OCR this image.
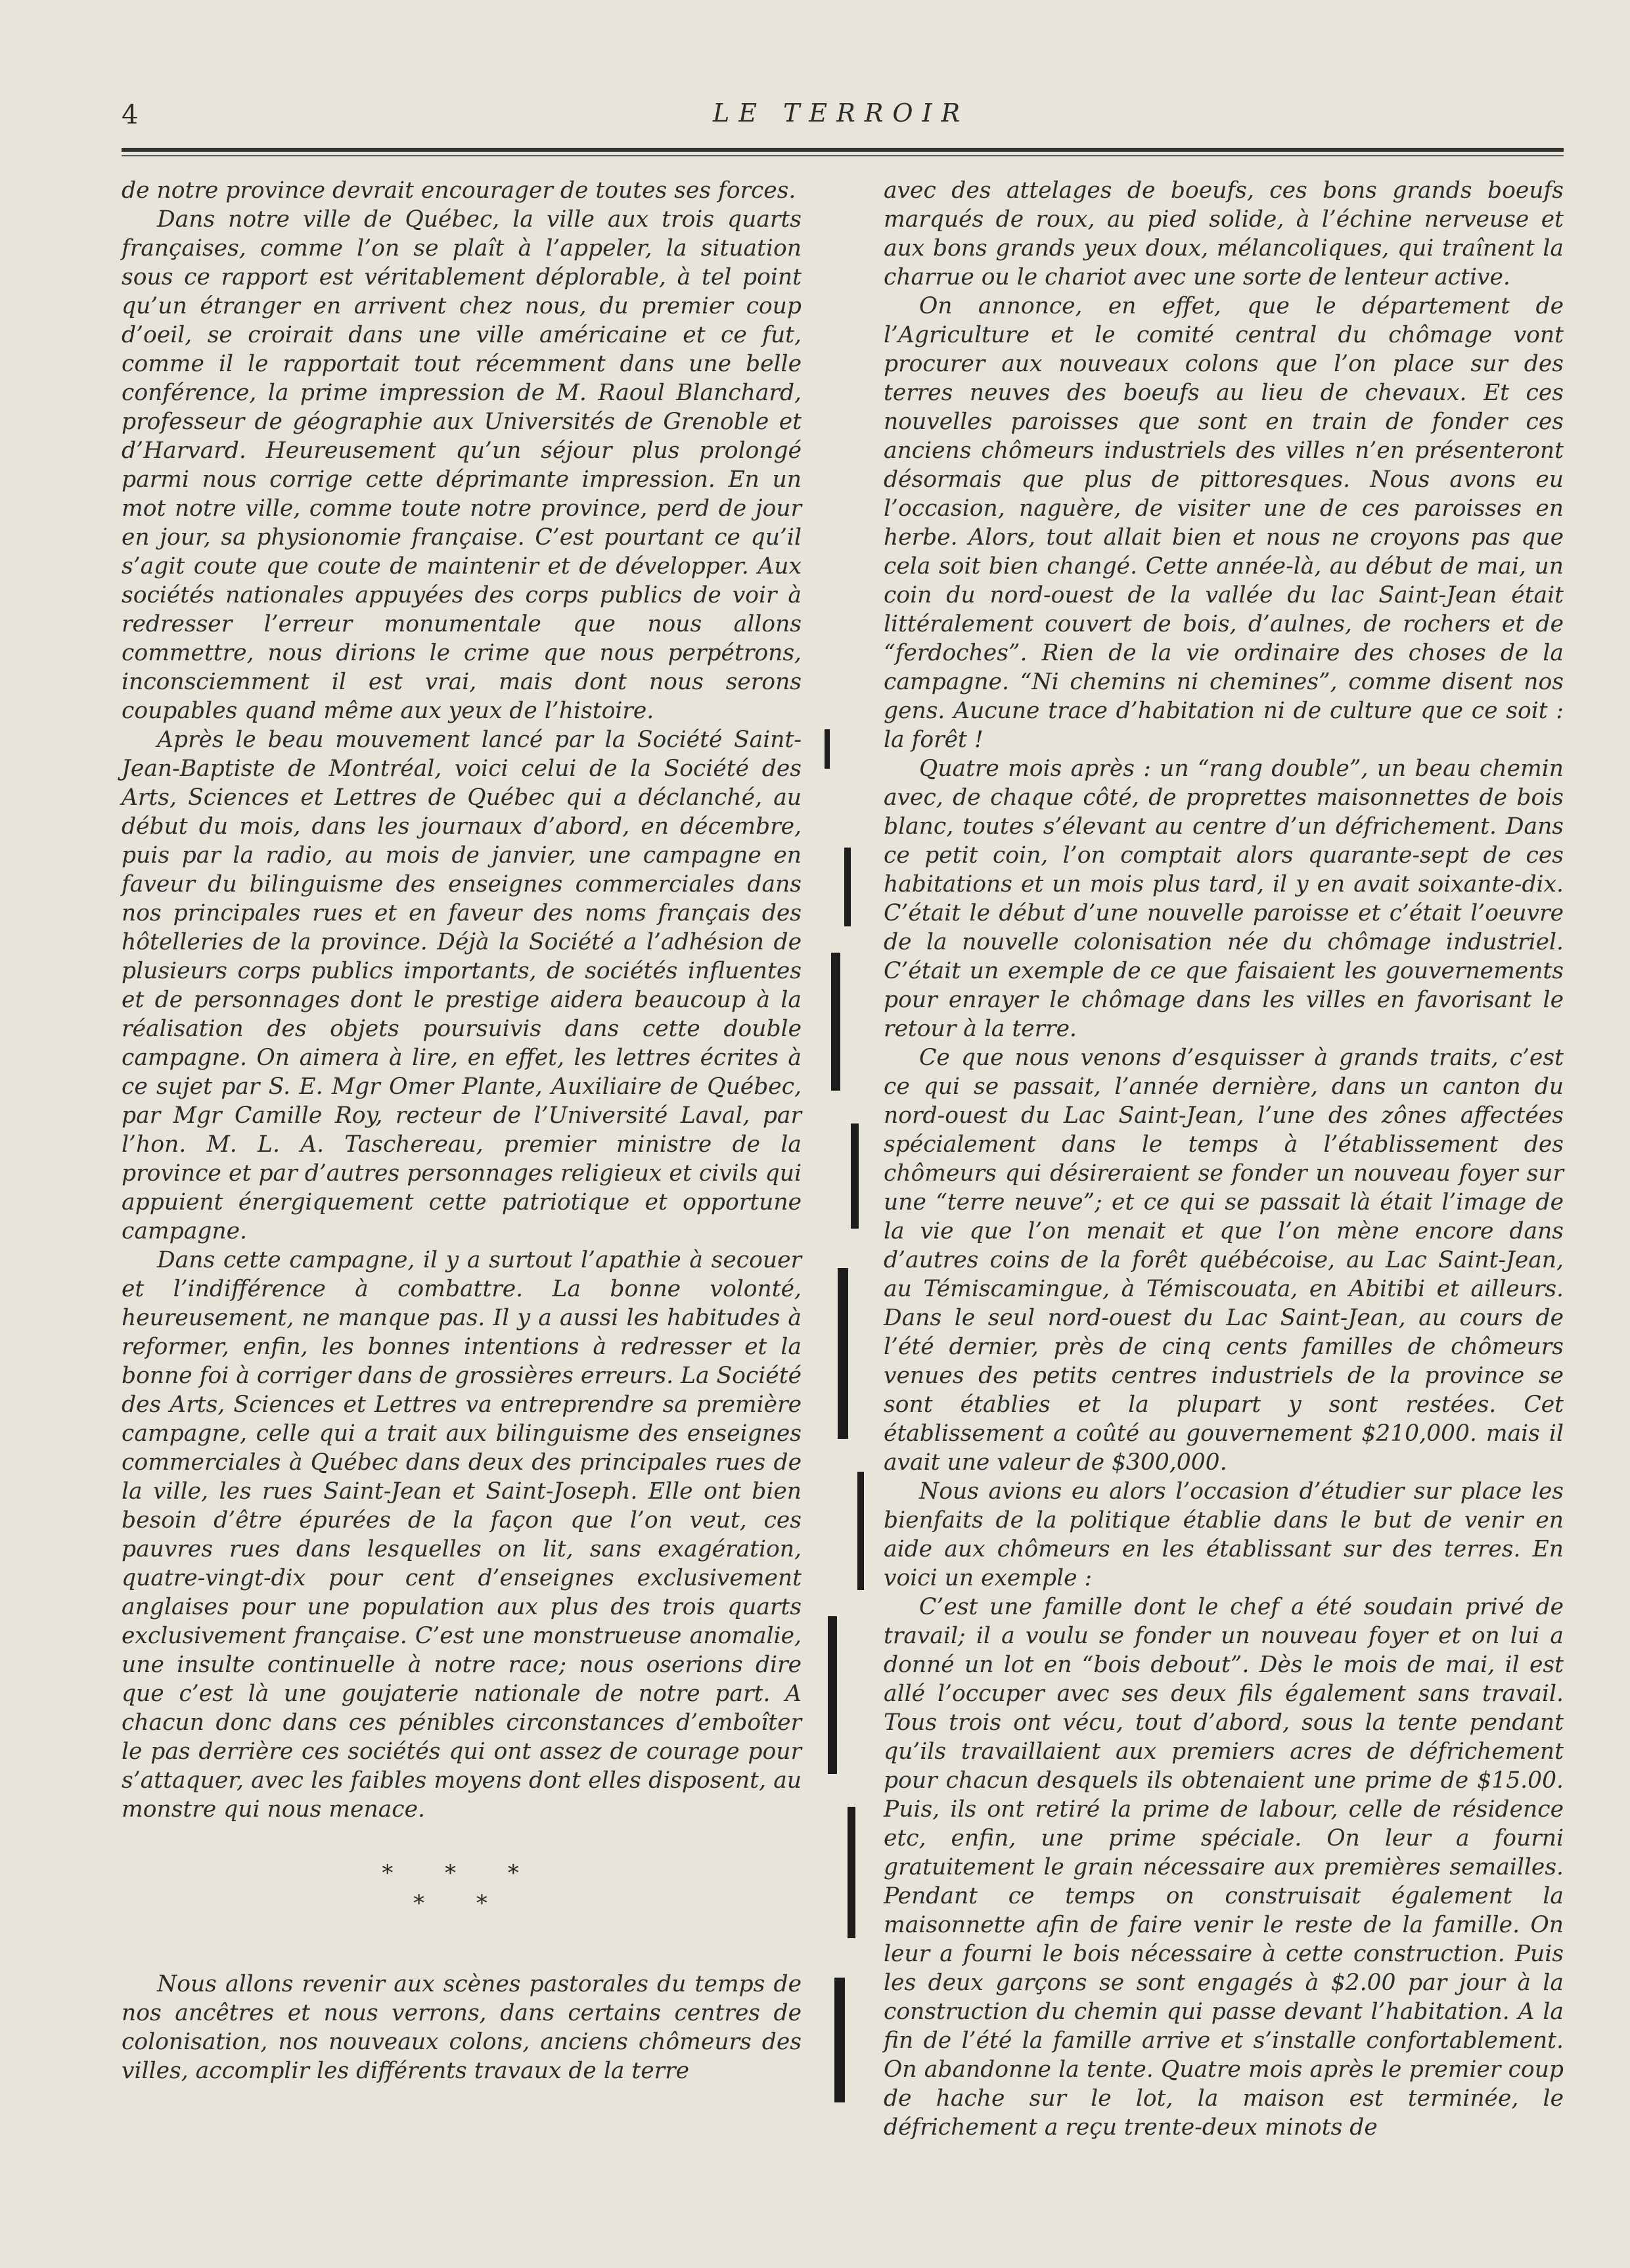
4	LE TERROIR

de notre province devrait encourager de toutes ses forces.

Dans notre ville de Québec, la ville aux trois quarts françaises, comme l’on se plaît à l’appeler, la situation sous ce rapport est véritablement déplorable, à tel point qu’un étranger en arrivent chez nous, du premier coup d’oeil, se croirait dans une ville américaine et ce fut, comme il le rapportait tout récemment dans une belle conférence, la prime impression de M. Raoul Blanchard, professeur de géographie aux Universités de Grenoble et d’Harvard. Heureusement qu’un séjour plus prolongé parmi nous corrige cette déprimante impression. En un mot notre ville, comme toute notre province, perd de jour en jour, sa physionomie française. C’est pourtant ce qu’il s’agit coute que coute de maintenir et de développer. Aux sociétés nationales appuyées des corps publics de voir à redresser l’erreur monumentale que nous allons commettre, nous dirions le crime que nous perpétrons, inconsciemment il est vrai, mais dont nous serons coupables quand même aux yeux de l’histoire.

Après le beau mouvement lancé par la Société Saint-Jean-Baptiste de Montréal, voici celui de la Société des Arts, Sciences et Lettres de Québec qui a déclanché, au début du mois, dans les journaux d’abord, en décembre, puis par la radio, au mois de janvier, une campagne en faveur du bilinguisme des enseignes commerciales dans nos principales rues et en faveur des noms français des hôtelleries de la province. Déjà la Société a l’adhésion de plusieurs corps publics importants, de sociétés influentes et de personnages dont le prestige aidera beaucoup à la réalisation des objets poursuivis dans cette double campagne. On aimera à lire, en effet, les lettres écrites à ce sujet par S. E. Mgr Omer Plante, Auxiliaire de Québec, par Mgr Camille Roy, recteur de l’Université Laval, par l’hon. M. L. A. Taschereau, premier ministre de la province et par d’autres personnages religieux et civils qui appuient énergiquement cette patriotique et opportune campagne.

Dans cette campagne, il y a surtout l’apathie à secouer et l’indifférence à combattre. La bonne volonté, heureusement, ne manque pas. Il y a aussi les habitudes à reformer, enfin, les bonnes intentions à redresser et la bonne foi à corriger dans de grossières erreurs. La Société des Arts, Sciences et Lettres va entreprendre sa première campagne, celle qui a trait aux bilinguisme des enseignes commerciales à Québec dans deux des principales rues de la ville, les rues Saint-Jean et Saint-Joseph. Elle ont bien besoin d’être épurées de la façon que l’on veut, ces pauvres rues dans lesquelles on lit, sans exagération, quatre-vingt-dix pour cent d’enseignes exclusivement anglaises pour une population aux plus des trois quarts exclusivement française. C’est une monstrueuse anomalie, une insulte continuelle à notre race; nous oserions dire que c’est là une goujaterie nationale de notre part. A chacun donc dans ces pénibles circonstances d’emboîter le pas derrière ces sociétés qui ont assez de courage pour s’attaquer, avec les faibles moyens dont elles disposent, au monstre qui nous menace.

* * *
* *

Nous allons revenir aux scènes pastorales du temps de nos ancêtres et nous verrons, dans certains centres de colonisation, nos nouveaux colons, anciens chômeurs des villes, accomplir les différents travaux de la terre

avec des attelages de boeufs, ces bons grands boeufs marqués de roux, au pied solide, à l’échine nerveuse et aux bons grands yeux doux, mélancoliques, qui traînent la charrue ou le chariot avec une sorte de lenteur active.

On annonce, en effet, que le département de l’Agriculture et le comité central du chômage vont procurer aux nouveaux colons que l’on place sur des terres neuves des boeufs au lieu de chevaux. Et ces nouvelles paroisses que sont en train de fonder ces anciens chômeurs industriels des villes n’en présenteront désormais que plus de pittoresques. Nous avons eu l’occasion, naguère, de visiter une de ces paroisses en herbe. Alors, tout allait bien et nous ne croyons pas que cela soit bien changé. Cette année-là, au début de mai, un coin du nord-ouest de la vallée du lac Saint-Jean était littéralement couvert de bois, d’aulnes, de rochers et de “ferdoches”. Rien de la vie ordinaire des choses de la campagne. “Ni chemins ni chemines”, comme disent nos gens. Aucune trace d’habitation ni de culture que ce soit : la forêt !

Quatre mois après : un “rang double”, un beau chemin avec, de chaque côté, de proprettes maisonnettes de bois blanc, toutes s’élevant au centre d’un défrichement. Dans ce petit coin, l’on comptait alors quarante-sept de ces habitations et un mois plus tard, il y en avait soixante-dix. C’était le début d’une nouvelle paroisse et c’était l’oeuvre de la nouvelle colonisation née du chômage industriel. C’était un exemple de ce que faisaient les gouvernements pour enrayer le chômage dans les villes en favorisant le retour à la terre.

Ce que nous venons d’esquisser à grands traits, c’est ce qui se passait, l’année dernière, dans un canton du nord-ouest du Lac Saint-Jean, l’une des zônes affectées spécialement dans le temps à l’établissement des chômeurs qui désireraient se fonder un nouveau foyer sur une “terre neuve”; et ce qui se passait là était l’image de la vie que l’on menait et que l’on mène encore dans d’autres coins de la forêt québécoise, au Lac Saint-Jean, au Témiscamingue, à Témiscouata, en Abitibi et ailleurs. Dans le seul nord-ouest du Lac Saint-Jean, au cours de l’été dernier, près de cinq cents familles de chômeurs venues des petits centres industriels de la province se sont établies et la plupart y sont restées. Cet établissement a coûté au gouvernement $210,000. mais il avait une valeur de $300,000.

Nous avions eu alors l’occasion d’étudier sur place les bienfaits de la politique établie dans le but de venir en aide aux chômeurs en les établissant sur des terres. En voici un exemple :

C’est une famille dont le chef a été soudain privé de travail; il a voulu se fonder un nouveau foyer et on lui a donné un lot en “bois debout”. Dès le mois de mai, il est allé l’occuper avec ses deux fils également sans travail. Tous trois ont vécu, tout d’abord, sous la tente pendant qu’ils travaillaient aux premiers acres de défrichement pour chacun desquels ils obtenaient une prime de $15.00. Puis, ils ont retiré la prime de labour, celle de résidence etc, enfin, une prime spéciale. On leur a fourni gratuitement le grain nécessaire aux premières semailles. Pendant ce temps on construisait également la maisonnette afin de faire venir le reste de la famille. On leur a fourni le bois nécessaire à cette construction. Puis les deux garçons se sont engagés à $2.00 par jour à la construction du chemin qui passe devant l’habitation. A la fin de l’été la famille arrive et s’installe confortablement. On abandonne la tente. Quatre mois après le premier coup de hache sur le lot, la maison est terminée, le défrichement a reçu trente-deux minots de
